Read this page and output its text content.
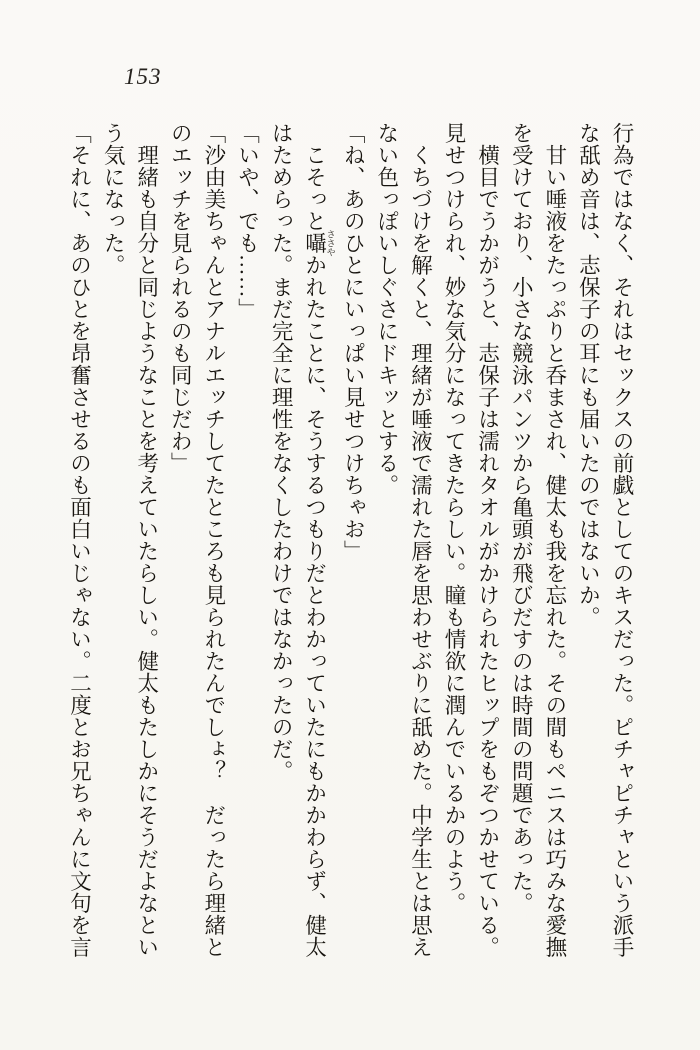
153
行為ではなく、それはセックスの前戯としてのキスだった。ピチャピチャという派手
な舐め音は、志保子の耳にも届いたのではないか。
　甘い唾液をたっぷりと呑まされ、健太も我を忘れた。その間もペニスは巧みな愛撫
を受けており、小さな競泳パンツから亀頭が飛びだすのは時間の問題であった。
　横目でうかがうと、志保子は濡れタオルがかけられたヒップをもぞつかせている。
見せつけられ、妙な気分になってきたらしい。瞳も情欲に潤んでいるかのよう。
　くちづけを解くと、理緒が唾液で濡れた唇を思わせぶりに舐めた。中学生とは思え
ない色っぽいしぐさにドキッとする。
「ね、あのひとにいっぱい見せつけちゃお」
　こそっと囁 ささやかれたことに、そうするつもりだとわかっていたにもかかわらず、健太
はためらった。まだ完全に理性をなくしたわけではなかったのだ。
「いや、でも……」
「沙由美ちゃんとアナルエッチしてたところも見られたんでしょ？　だったら理緒と
のエッチを見られるのも同じだわ」
　理緒も自分と同じようなことを考えていたらしい。健太もたしかにそうだよなとい
う気になった。
「それに、あのひとを昂奮させるのも面白いじゃない。二度とお兄ちゃんに文句を言
